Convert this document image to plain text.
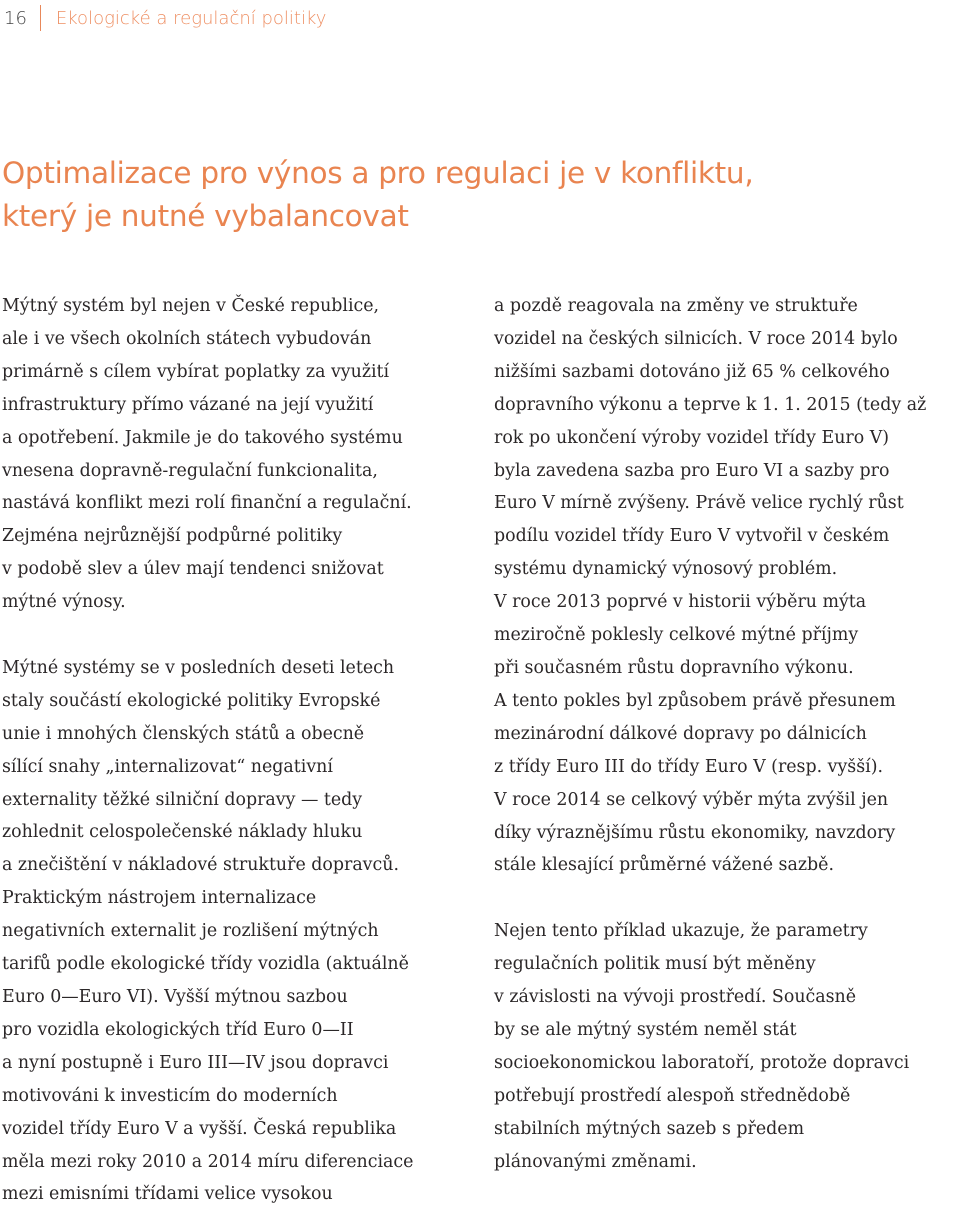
16 Ekologické a regulační politiky
Optimalizace pro výnos a pro regulaci je v konfliktu,
který je nutné vybalancovat

Mýtný systém byl nejen v České republice,
ale i ve všech okolních státech vybudován
primárně s cílem vybírat poplatky za využití
infrastruktury přímo vázané na její využití
a opotřebení. Jakmile je do takového systému
vnesena dopravně-regulační funkcionalita,
nastává konflikt mezi rolí finanční a regulační.
Zejména nejrůznější podpůrné politiky
v podobě slev a úlev mají tendenci snižovat
mýtné výnosy.

Mýtné systémy se v posledních deseti letech
staly součástí ekologické politiky Evropské
unie i mnohých členských států a obecně
sílící snahy „internalizovat“ negativní
externality těžké silniční dopravy — tedy
zohlednit celospolečenské náklady hluku
a znečištění v nákladové struktuře dopravců.
Praktickým nástrojem internalizace
negativních externalit je rozlišení mýtných
tarifů podle ekologické třídy vozidla (aktuálně
Euro 0—Euro VI). Vyšší mýtnou sazbou
pro vozidla ekologických tříd Euro 0—II
a nyní postupně i Euro III—IV jsou dopravci
motivováni k investicím do moderních
vozidel třídy Euro V a vyšší. Česká republika
měla mezi roky 2010 a 2014 míru diferenciace
mezi emisními třídami velice vysokou

a pozdě reagovala na změny ve struktuře
vozidel na českých silnicích. V roce 2014 bylo
nižšími sazbami dotováno již 65 % celkového
dopravního výkonu a teprve k 1. 1. 2015 (tedy až
rok po ukončení výroby vozidel třídy Euro V)
byla zavedena sazba pro Euro VI a sazby pro
Euro V mírně zvýšeny. Právě velice rychlý růst
podílu vozidel třídy Euro V vytvořil v českém
systému dynamický výnosový problém.
V roce 2013 poprvé v historii výběru mýta
meziročně poklesly celkové mýtné příjmy
při současném růstu dopravního výkonu.
A tento pokles byl způsobem právě přesunem
mezinárodní dálkové dopravy po dálnicích
z třídy Euro III do třídy Euro V (resp. vyšší).
V roce 2014 se celkový výběr mýta zvýšil jen
díky výraznějšímu růstu ekonomiky, navzdory
stále klesající průměrné vážené sazbě.

Nejen tento příklad ukazuje, že parametry
regulačních politik musí být měněny
v závislosti na vývoji prostředí. Současně
by se ale mýtný systém neměl stát
socioekonomickou laboratoří, protože dopravci
potřebují prostředí alespoň střednědobě
stabilních mýtných sazeb s předem
plánovanými změnami.
